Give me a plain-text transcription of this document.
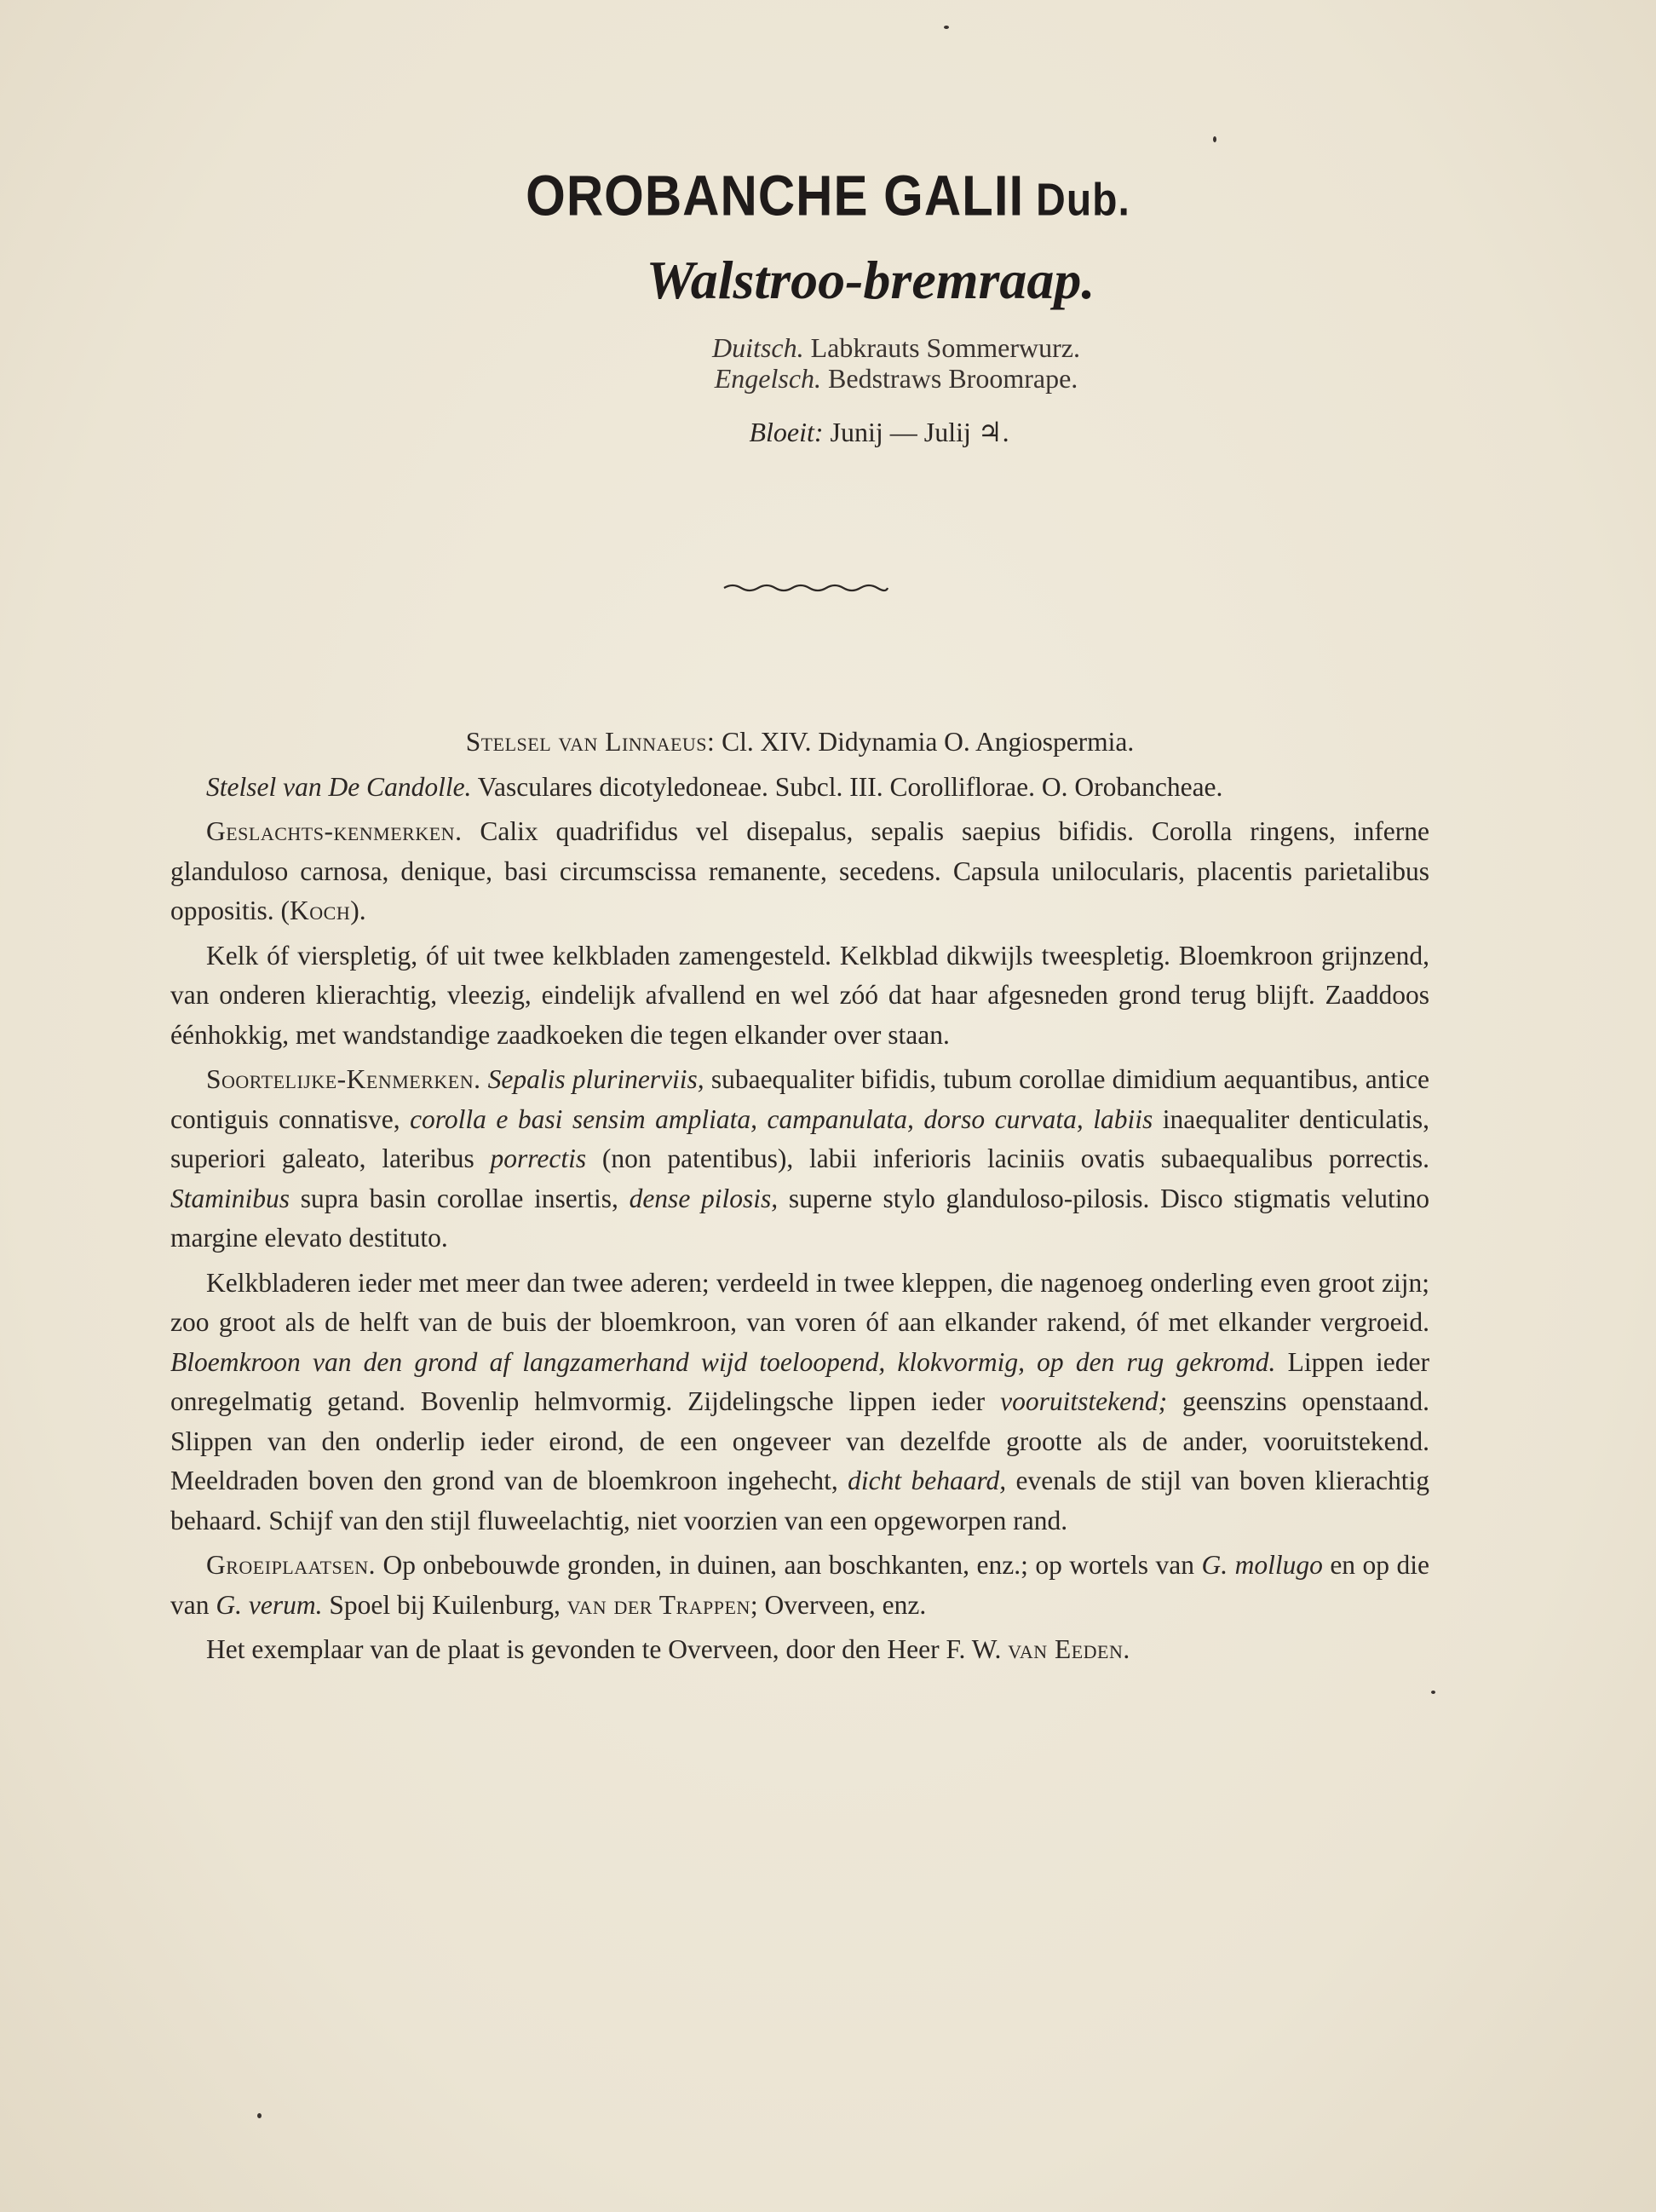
OROBANCHE GALII Dub.
Walstroo-bremraap.
Duitsch. Labkrauts Sommerwurz.
Engelsch. Bedstraws Broomrape.
Bloeit: Junij — Julij ♃.

Stelsel van Linnaeus: Cl. XIV. Didynamia O. Angiospermia.

Stelsel van De Candolle. Vasculares dicotyledoneae. Subcl. III. Corolliflorae. O. Orobancheae.

Geslachts-kenmerken. Calix quadrifidus vel disepalus, sepalis saepius bifidis. Corolla ringens, inferne glanduloso carnosa, denique, basi circumscissa remanente, secedens. Capsula unilocularis, placentis parietalibus oppositis. (Koch).

Kelk óf vierspletig, óf uit twee kelkbladen zamengesteld. Kelkblad dikwijls tweespletig. Bloemkroon grijnzend, van onderen klierachtig, vleezig, eindelijk afvallend en wel zóó dat haar afgesneden grond terug blijft. Zaaddoos éénhokkig, met wandstandige zaadkoeken die tegen elkander over staan.

Soortelijke-Kenmerken. Sepalis plurinerviis, subaequaliter bifidis, tubum corollae dimidium aequantibus, antice contiguis connatisve, corolla e basi sensim ampliata, campanulata, dorso curvata, labiis inaequaliter denticulatis, superiori galeato, lateribus porrectis (non patentibus), labii inferioris laciniis ovatis subaequalibus porrectis. Staminibus supra basin corollae insertis, dense pilosis, superne stylo glanduloso-pilosis. Disco stigmatis velutino margine elevato destituto.

Kelkbladeren ieder met meer dan twee aderen; verdeeld in twee kleppen, die nagenoeg onderling even groot zijn; zoo groot als de helft van de buis der bloemkroon, van voren óf aan elkander rakend, óf met elkander vergroeid. Bloemkroon van den grond af langzamerhand wijd toeloopend, klokvormig, op den rug gekromd. Lippen ieder onregelmatig getand. Bovenlip helmvormig. Zijdelingsche lippen ieder vooruitstekend; geenszins openstaand. Slippen van den onderlip ieder eirond, de een ongeveer van dezelfde grootte als de ander, vooruitstekend. Meeldraden boven den grond van de bloemkroon ingehecht, dicht behaard, evenals de stijl van boven klierachtig behaard. Schijf van den stijl fluweelachtig, niet voorzien van een opgeworpen rand.

Groeiplaatsen. Op onbebouwde gronden, in duinen, aan boschkanten, enz.; op wortels van G. mollugo en op die van G. verum. Spoel bij Kuilenburg, van der Trappen; Overveen, enz.

Het exemplaar van de plaat is gevonden te Overveen, door den Heer F. W. van Eeden.
